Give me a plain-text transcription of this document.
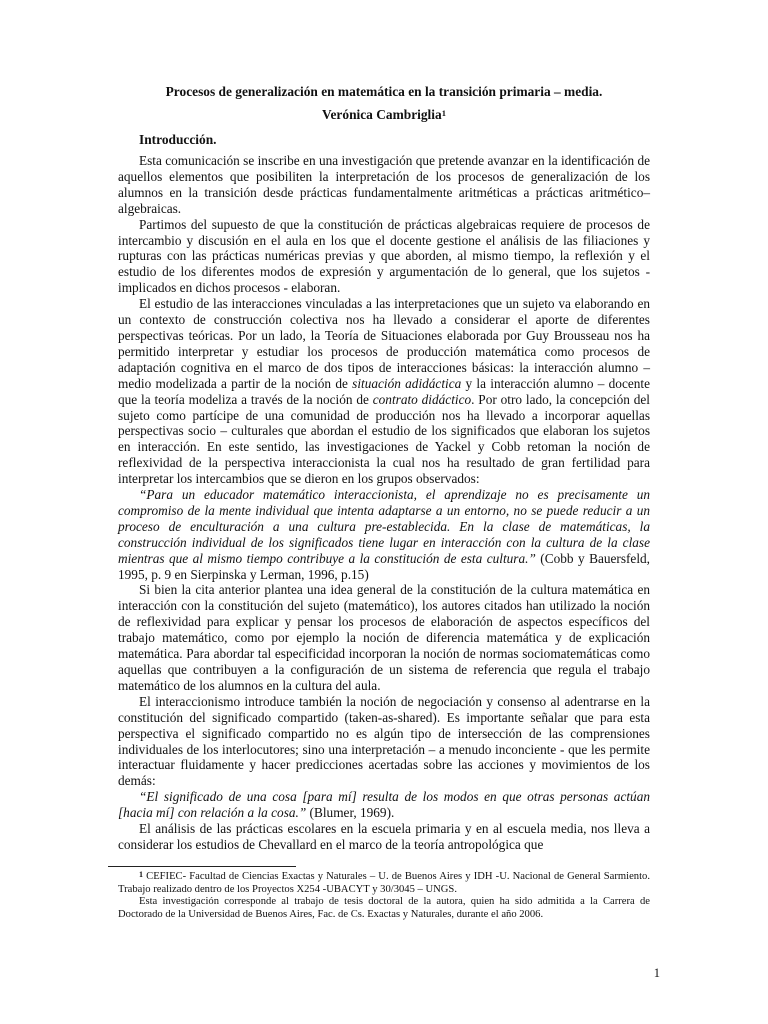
Procesos de generalización en matemática en la transición primaria – media.

Verónica Cambriglia$^1$

Introducción.

Esta comunicación se inscribe en una investigación que pretende avanzar en la identificación de aquellos elementos que posibiliten la interpretación de los procesos de generalización de los alumnos en la transición desde prácticas fundamentalmente aritméticas a prácticas aritmético–algebraicas.

Partimos del supuesto de que la constitución de prácticas algebraicas requiere de procesos de intercambio y discusión en el aula en los que el docente gestione el análisis de las filiaciones y rupturas con las prácticas numéricas previas y que aborden, al mismo tiempo, la reflexión y el estudio de los diferentes modos de expresión y argumentación de lo general, que los sujetos - implicados en dichos procesos - elaboran.

El estudio de las interacciones vinculadas a las interpretaciones que un sujeto va elaborando en un contexto de construcción colectiva nos ha llevado a considerar el aporte de diferentes perspectivas teóricas. Por un lado, la Teoría de Situaciones elaborada por Guy Brousseau nos ha permitido interpretar y estudiar los procesos de producción matemática como procesos de adaptación cognitiva en el marco de dos tipos de interacciones básicas: la interacción alumno – medio modelizada a partir de la noción de situación adidáctica y la interacción alumno – docente que la teoría modeliza a través de la noción de contrato didáctico. Por otro lado, la concepción del sujeto como partícipe de una comunidad de producción nos ha llevado a incorporar aquellas perspectivas socio – culturales que abordan el estudio de los significados que elaboran los sujetos en interacción. En este sentido, las investigaciones de Yackel y Cobb retoman la noción de reflexividad de la perspectiva interaccionista la cual nos ha resultado de gran fertilidad para interpretar los intercambios que se dieron en los grupos observados:

“Para un educador matemático interaccionista, el aprendizaje no es precisamente un compromiso de la mente individual que intenta adaptarse a un entorno, no se puede reducir a un proceso de enculturación a una cultura pre-establecida. En la clase de matemáticas, la construcción individual de los significados tiene lugar en interacción con la cultura de la clase mientras que al mismo tiempo contribuye a la constitución de esta cultura.” (Cobb y Bauersfeld, 1995, p. 9 en Sierpinska y Lerman, 1996, p.15)

Si bien la cita anterior plantea una idea general de la constitución de la cultura matemática en interacción con la constitución del sujeto (matemático), los autores citados han utilizado la noción de reflexividad para explicar y pensar los procesos de elaboración de aspectos específicos del trabajo matemático, como por ejemplo la noción de diferencia matemática y de explicación matemática. Para abordar tal especificidad incorporan la noción de normas sociomatemáticas como aquellas que contribuyen a la configuración de un sistema de referencia que regula el trabajo matemático de los alumnos en la cultura del aula.

El interaccionismo introduce también la noción de negociación y consenso al adentrarse en la constitución del significado compartido (taken-as-shared). Es importante señalar que para esta perspectiva el significado compartido no es algún tipo de intersección de las comprensiones individuales de los interlocutores; sino una interpretación – a menudo inconciente - que les permite interactuar fluidamente y hacer predicciones acertadas sobre las acciones y movimientos de los demás:

“El significado de una cosa [para mí] resulta de los modos en que otras personas actúan [hacia mí] con relación a la cosa.” (Blumer, 1969).

El análisis de las prácticas escolares en la escuela primaria y en al escuela media, nos lleva a considerar los estudios de Chevallard en el marco de la teoría antropológica que

$^1$ CEFIEC- Facultad de Ciencias Exactas y Naturales – U. de Buenos Aires y IDH -U. Nacional de General Sarmiento. Trabajo realizado dentro de los Proyectos X254 -UBACYT y 30/3045 – UNGS.

Esta investigación corresponde al trabajo de tesis doctoral de la autora, quien ha sido admitida a la Carrera de Doctorado de la Universidad de Buenos Aires, Fac. de Cs. Exactas y Naturales, durante el año 2006.

1
